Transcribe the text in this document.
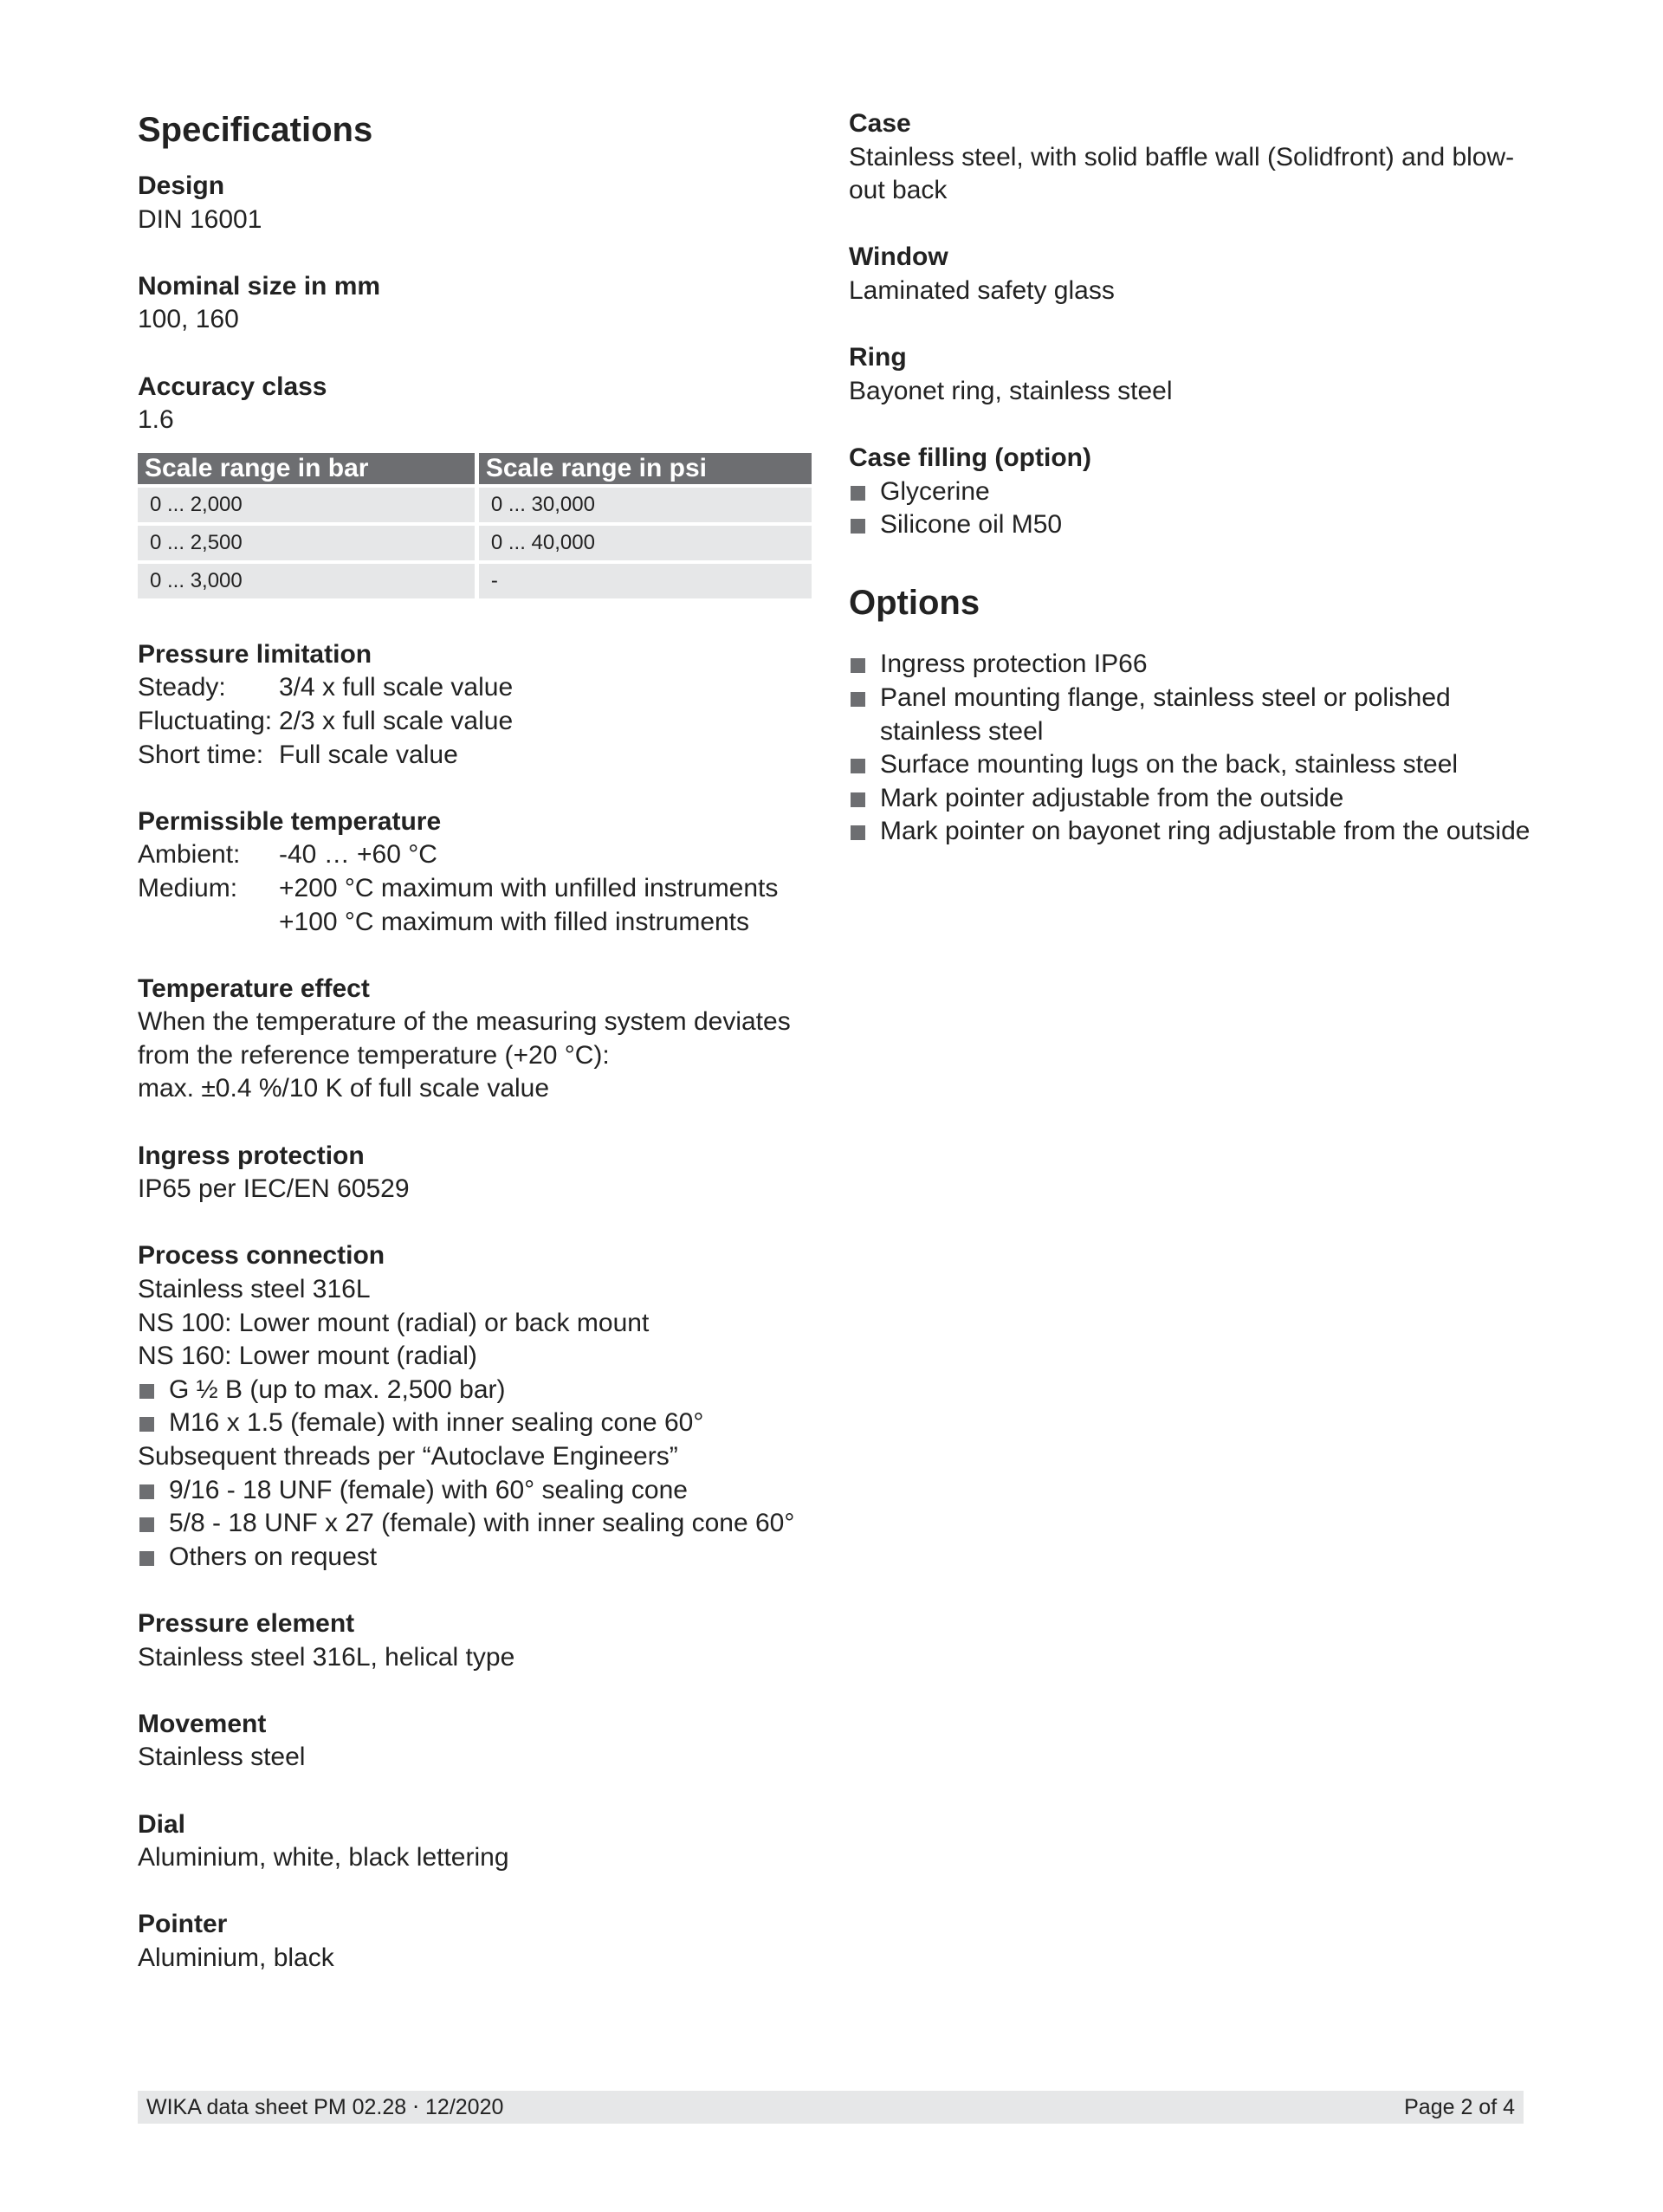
Specifications
Design
DIN 16001
Nominal size in mm
100, 160
Accuracy class
1.6
Scale range in bar	Scale range in psi
0 ... 2,000	0 ... 30,000
0 ... 2,500	0 ... 40,000
0 ... 3,000	-
Pressure limitation
Steady:	3/4 x full scale value
Fluctuating: 2/3 x full scale value
Short time: Full scale value
Permissible temperature
Ambient:	-40 … +60 °C
Medium:	+200 °C maximum with unfilled instruments
+100 °C maximum with filled instruments
Temperature effect
When the temperature of the measuring system deviates
from the reference temperature (+20 °C):
max. ±0.4 %/10 K of full scale value
Ingress protection
IP65 per IEC/EN 60529
Process connection
Stainless steel 316L
NS 100: Lower mount (radial) or back mount
NS 160: Lower mount (radial)
G ½ B (up to max. 2,500 bar)
M16 x 1.5 (female) with inner sealing cone 60°
Subsequent threads per “Autoclave Engineers”
9/16 - 18 UNF (female) with 60° sealing cone
5/8 - 18 UNF x 27 (female) with inner sealing cone 60°
Others on request
Pressure element
Stainless steel 316L, helical type
Movement
Stainless steel
Dial
Aluminium, white, black lettering
Pointer
Aluminium, black
Case
Stainless steel, with solid baffle wall (Solidfront) and blow-out back
Window
Laminated safety glass
Ring
Bayonet ring, stainless steel
Case filling (option)
Glycerine
Silicone oil M50
Options
Ingress protection IP66
Panel mounting flange, stainless steel or polished stainless steel
Surface mounting lugs on the back, stainless steel
Mark pointer adjustable from the outside
Mark pointer on bayonet ring adjustable from the outside
WIKA data sheet PM 02.28 ⋅ 12/2020	Page 2 of 4
